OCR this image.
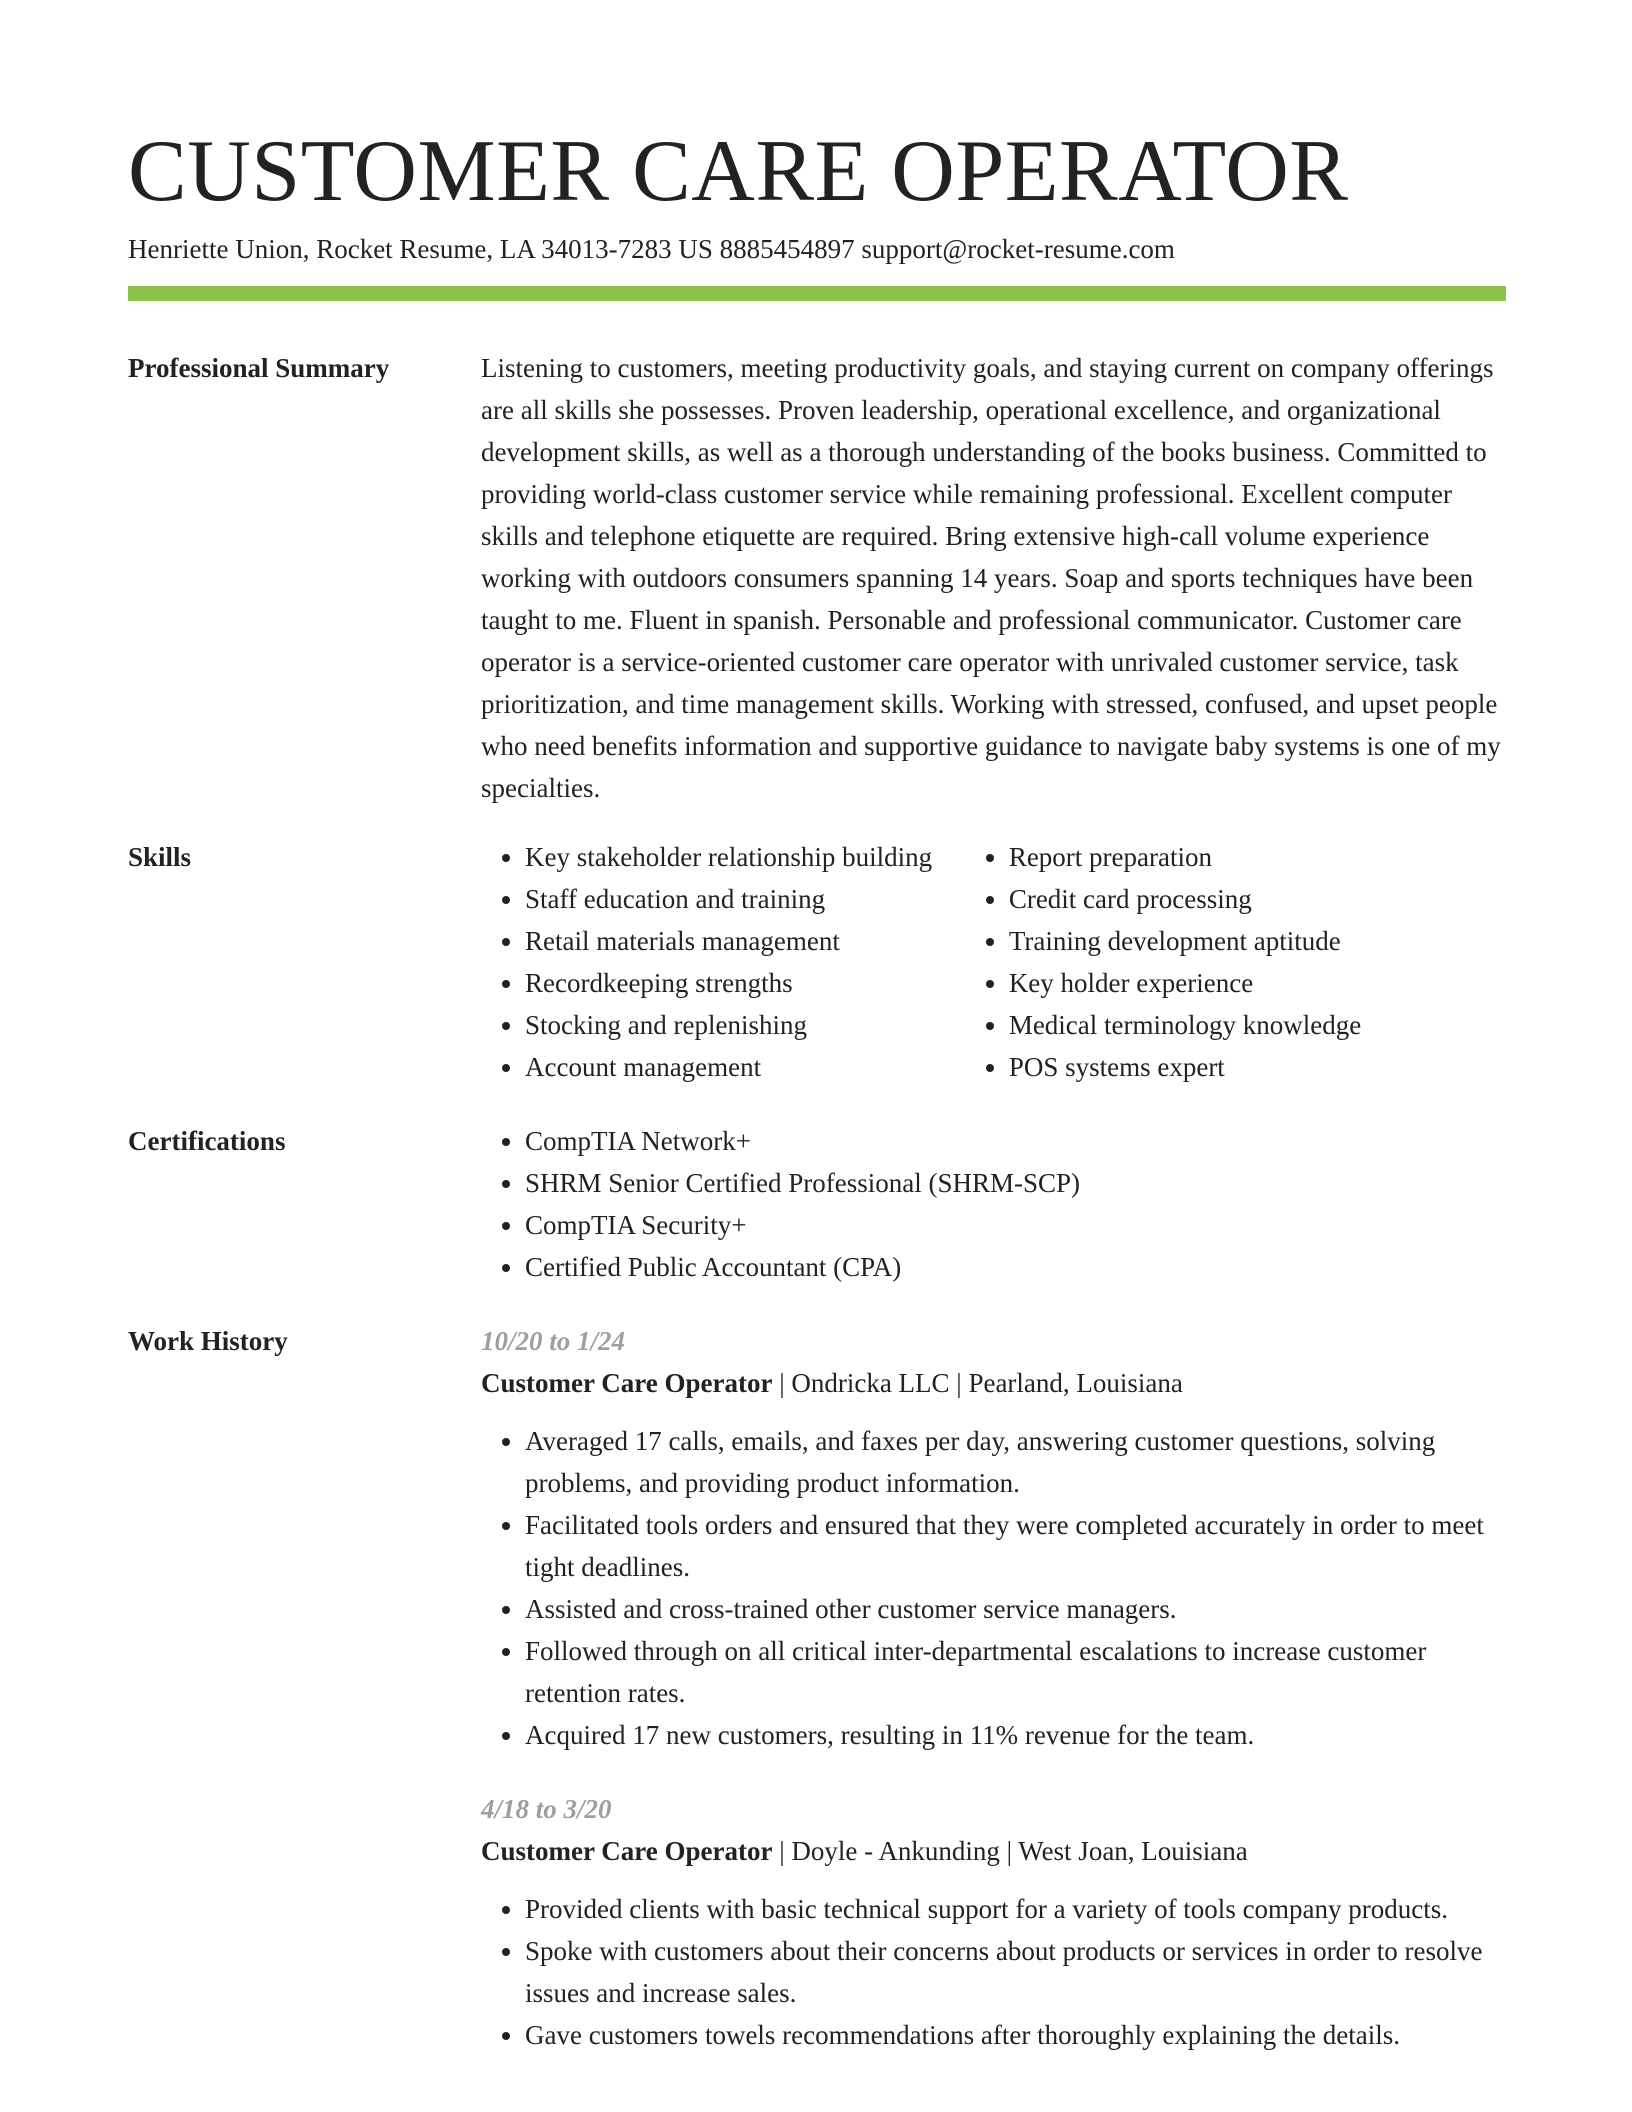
CUSTOMER CARE OPERATOR
Henriette Union, Rocket Resume, LA 34013-7283 US 8885454897 support@rocket-resume.com
Professional Summary	Listening to customers, meeting productivity goals, and staying current on company offerings are all skills she possesses. Proven leadership, operational excellence, and organizational development skills, as well as a thorough understanding of the books business. Committed to providing world-class customer service while remaining professional. Excellent computer skills and telephone etiquette are required. Bring extensive high-call volume experience working with outdoors consumers spanning 14 years. Soap and sports techniques have been taught to me. Fluent in spanish. Personable and professional communicator. Customer care operator is a service-oriented customer care operator with unrivaled customer service, task prioritization, and time management skills. Working with stressed, confused, and upset people who need benefits information and supportive guidance to navigate baby systems is one of my specialties.

Skills	• Key stakeholder relationship building
• Staff education and training
• Retail materials management
• Recordkeeping strengths
• Stocking and replenishing
• Account management
• Report preparation
• Credit card processing
• Training development aptitude
• Key holder experience
• Medical terminology knowledge
• POS systems expert
Certifications	• CompTIA Network+
• SHRM Senior Certified Professional (SHRM-SCP)
• CompTIA Security+
• Certified Public Accountant (CPA)
Work History	10/20 to 1/24
Customer Care Operator | Ondricka LLC | Pearland, Louisiana
• Averaged 17 calls, emails, and faxes per day, answering customer questions, solving problems, and providing product information.
• Facilitated tools orders and ensured that they were completed accurately in order to meet tight deadlines.
• Assisted and cross-trained other customer service managers.
• Followed through on all critical inter-departmental escalations to increase customer retention rates.
• Acquired 17 new customers, resulting in 11% revenue for the team.
4/18 to 3/20
Customer Care Operator | Doyle - Ankunding | West Joan, Louisiana
• Provided clients with basic technical support for a variety of tools company products.
• Spoke with customers about their concerns about products or services in order to resolve issues and increase sales.
• Gave customers towels recommendations after thoroughly explaining the details.
